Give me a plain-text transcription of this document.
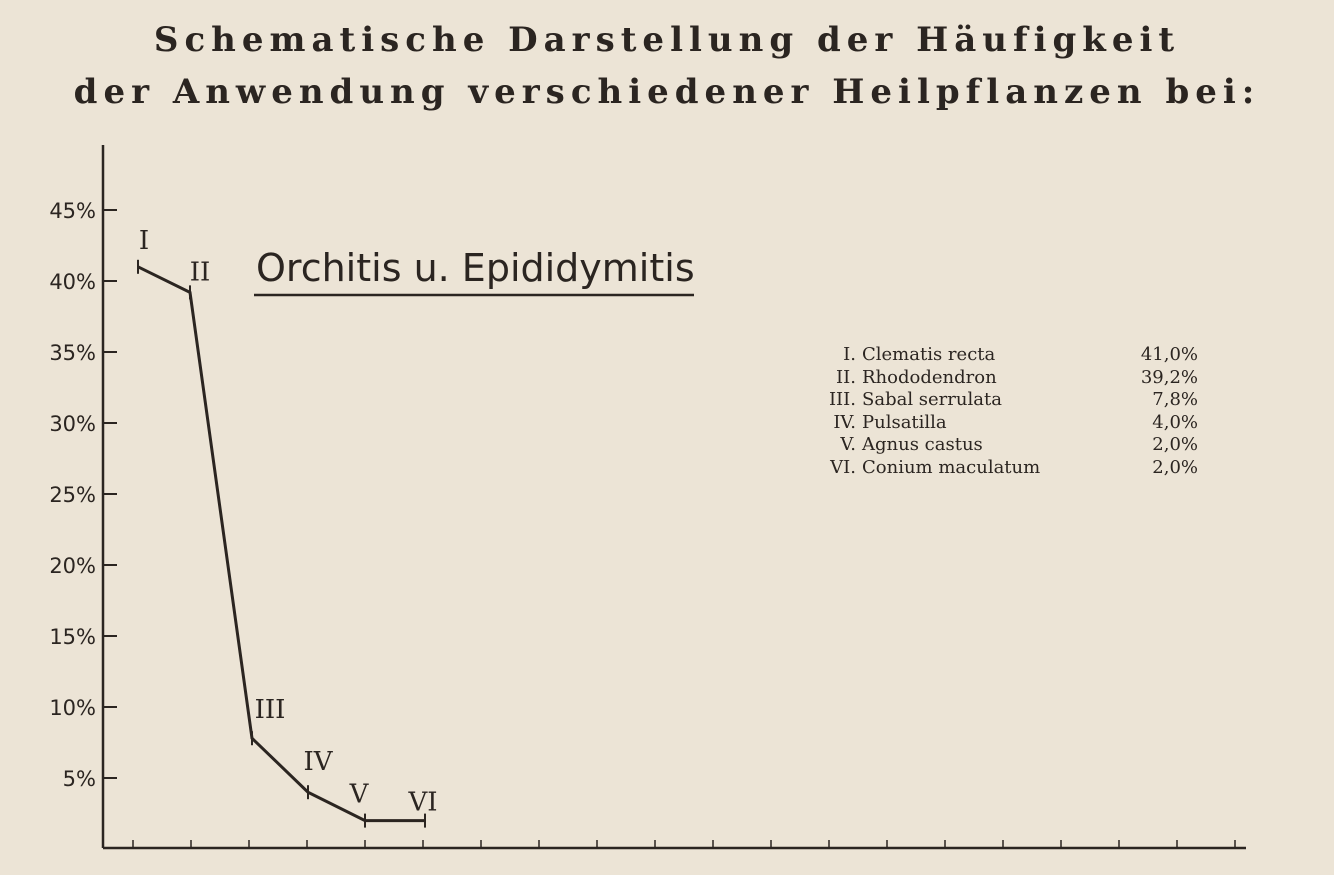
Schematische Darstellung der Häufigkeit
der Anwendung verschiedener Heilpflanzen bei:
5%
10%
15%
20%
25%
30%
35%
40%
45%
I
II
III
IV
V VI
Orchitis u. Epididymitis
I. Clematis recta	41,0%
II. Rhododendron	39,2%
III. Sabal serrulata	7,8%
IV. Pulsatilla	4,0%
V. Agnus castus	2,0%
VI. Conium maculatum	2,0%
